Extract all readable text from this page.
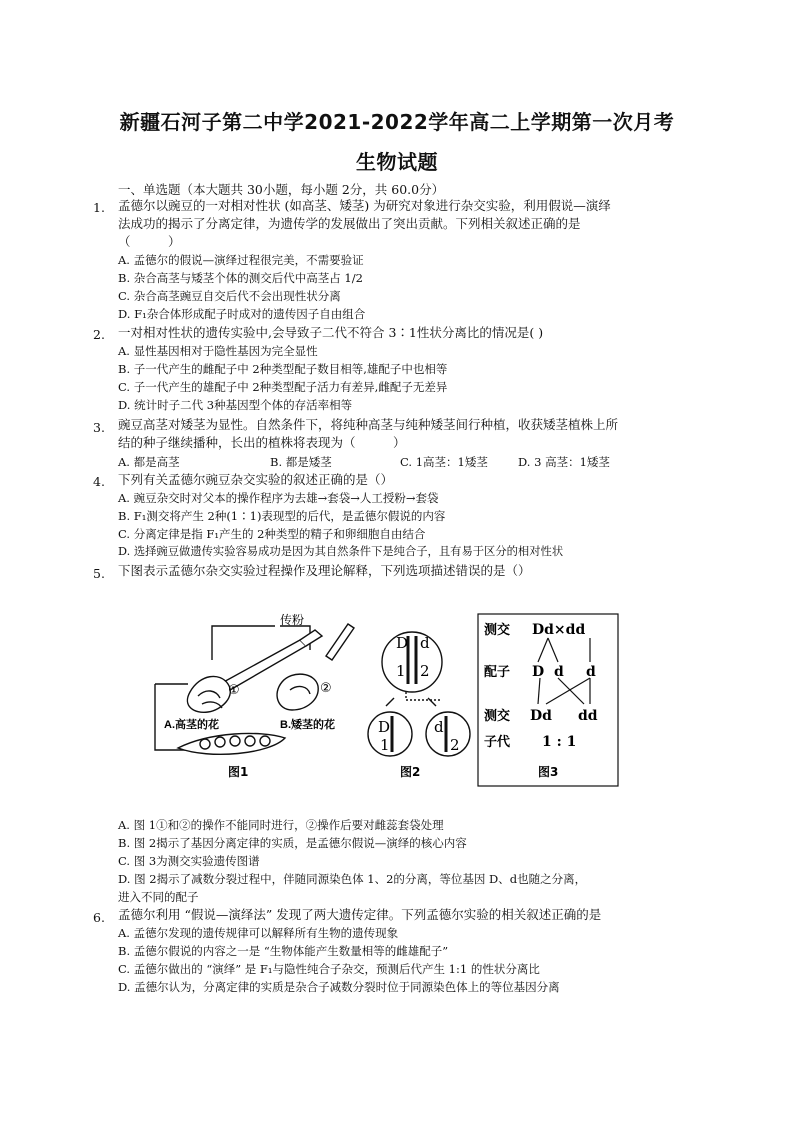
新疆石河子第二中学2021-2022学年高二上学期第一次月考
生物试题
一、单选题（本大题共 30小题，每小题 2分，共 60.0分）
1. 孟德尔以豌豆的一对相对性状 (如高茎、矮茎) 为研究对象进行杂交实验，利用假说—演绎
法成功的揭示了分离定律，为遗传学的发展做出了突出贡献。下列相关叙述正确的是
（　　　）
A. 孟德尔的假说—演绎过程很完美，不需要验证
B. 杂合高茎与矮茎个体的测交后代中高茎占 1/2
C. 杂合高茎豌豆自交后代不会出现性状分离
D. F₁杂合体形成配子时成对的遗传因子自由组合
2. 一对相对性状的遗传实验中,会导致子二代不符合 3∶1性状分离比的情况是( )
A. 显性基因相对于隐性基因为完全显性
B. 子一代产生的雌配子中 2种类型配子数目相等,雄配子中也相等
C. 子一代产生的雄配子中 2种类型配子活力有差异,雌配子无差异
D. 统计时子二代 3种基因型个体的存活率相等
3. 豌豆高茎对矮茎为显性。自然条件下，将纯种高茎与纯种矮茎间行种植，收获矮茎植株上所
结的种子继续播种，长出的植株将表现为（　　　）
A. 都是高茎	B. 都是矮茎	C. 1高茎：1矮茎	D. 3 高茎：1矮茎
4. 下列有关孟德尔豌豆杂交实验的叙述正确的是（）
A. 豌豆杂交时对父本的操作程序为去雄→套袋→人工授粉→套袋
B. F₁测交将产生 2种(1∶1)表现型的后代，是孟德尔假说的内容
C. 分离定律是指 F₁产生的 2种类型的精子和卵细胞自由结合
D. 选择豌豆做遗传实验容易成功是因为其自然条件下是纯合子，且有易于区分的相对性状
5. 下图表示孟德尔杂交实验过程操作及理论解释，下列选项描述错误的是（）
传粉
①	②
A.高茎的花	B.矮茎的花
图1
D d
1 2
D
1
d
2
图2
测交 Dd×dd
配子 D d d
测交 Dd dd
子代 1 : 1
图3
A. 图 1①和②的操作不能同时进行，②操作后要对雌蕊套袋处理
B. 图 2揭示了基因分离定律的实质，是孟德尔假说—演绎的核心内容
C. 图 3为测交实验遗传图谱
D. 图 2揭示了减数分裂过程中，伴随同源染色体 1、2的分离，等位基因 D、d也随之分离，
进入不同的配子
6. 孟德尔利用 “假说—演绎法” 发现了两大遗传定律。下列孟德尔实验的相关叙述正确的是
A. 孟德尔发现的遗传规律可以解释所有生物的遗传现象
B. 孟德尔假说的内容之一是 “生物体能产生数量相等的雌雄配子”
C. 孟德尔做出的 “演绎” 是 F₁与隐性纯合子杂交，预测后代产生 1:1 的性状分离比
D. 孟德尔认为，分离定律的实质是杂合子减数分裂时位于同源染色体上的等位基因分离
